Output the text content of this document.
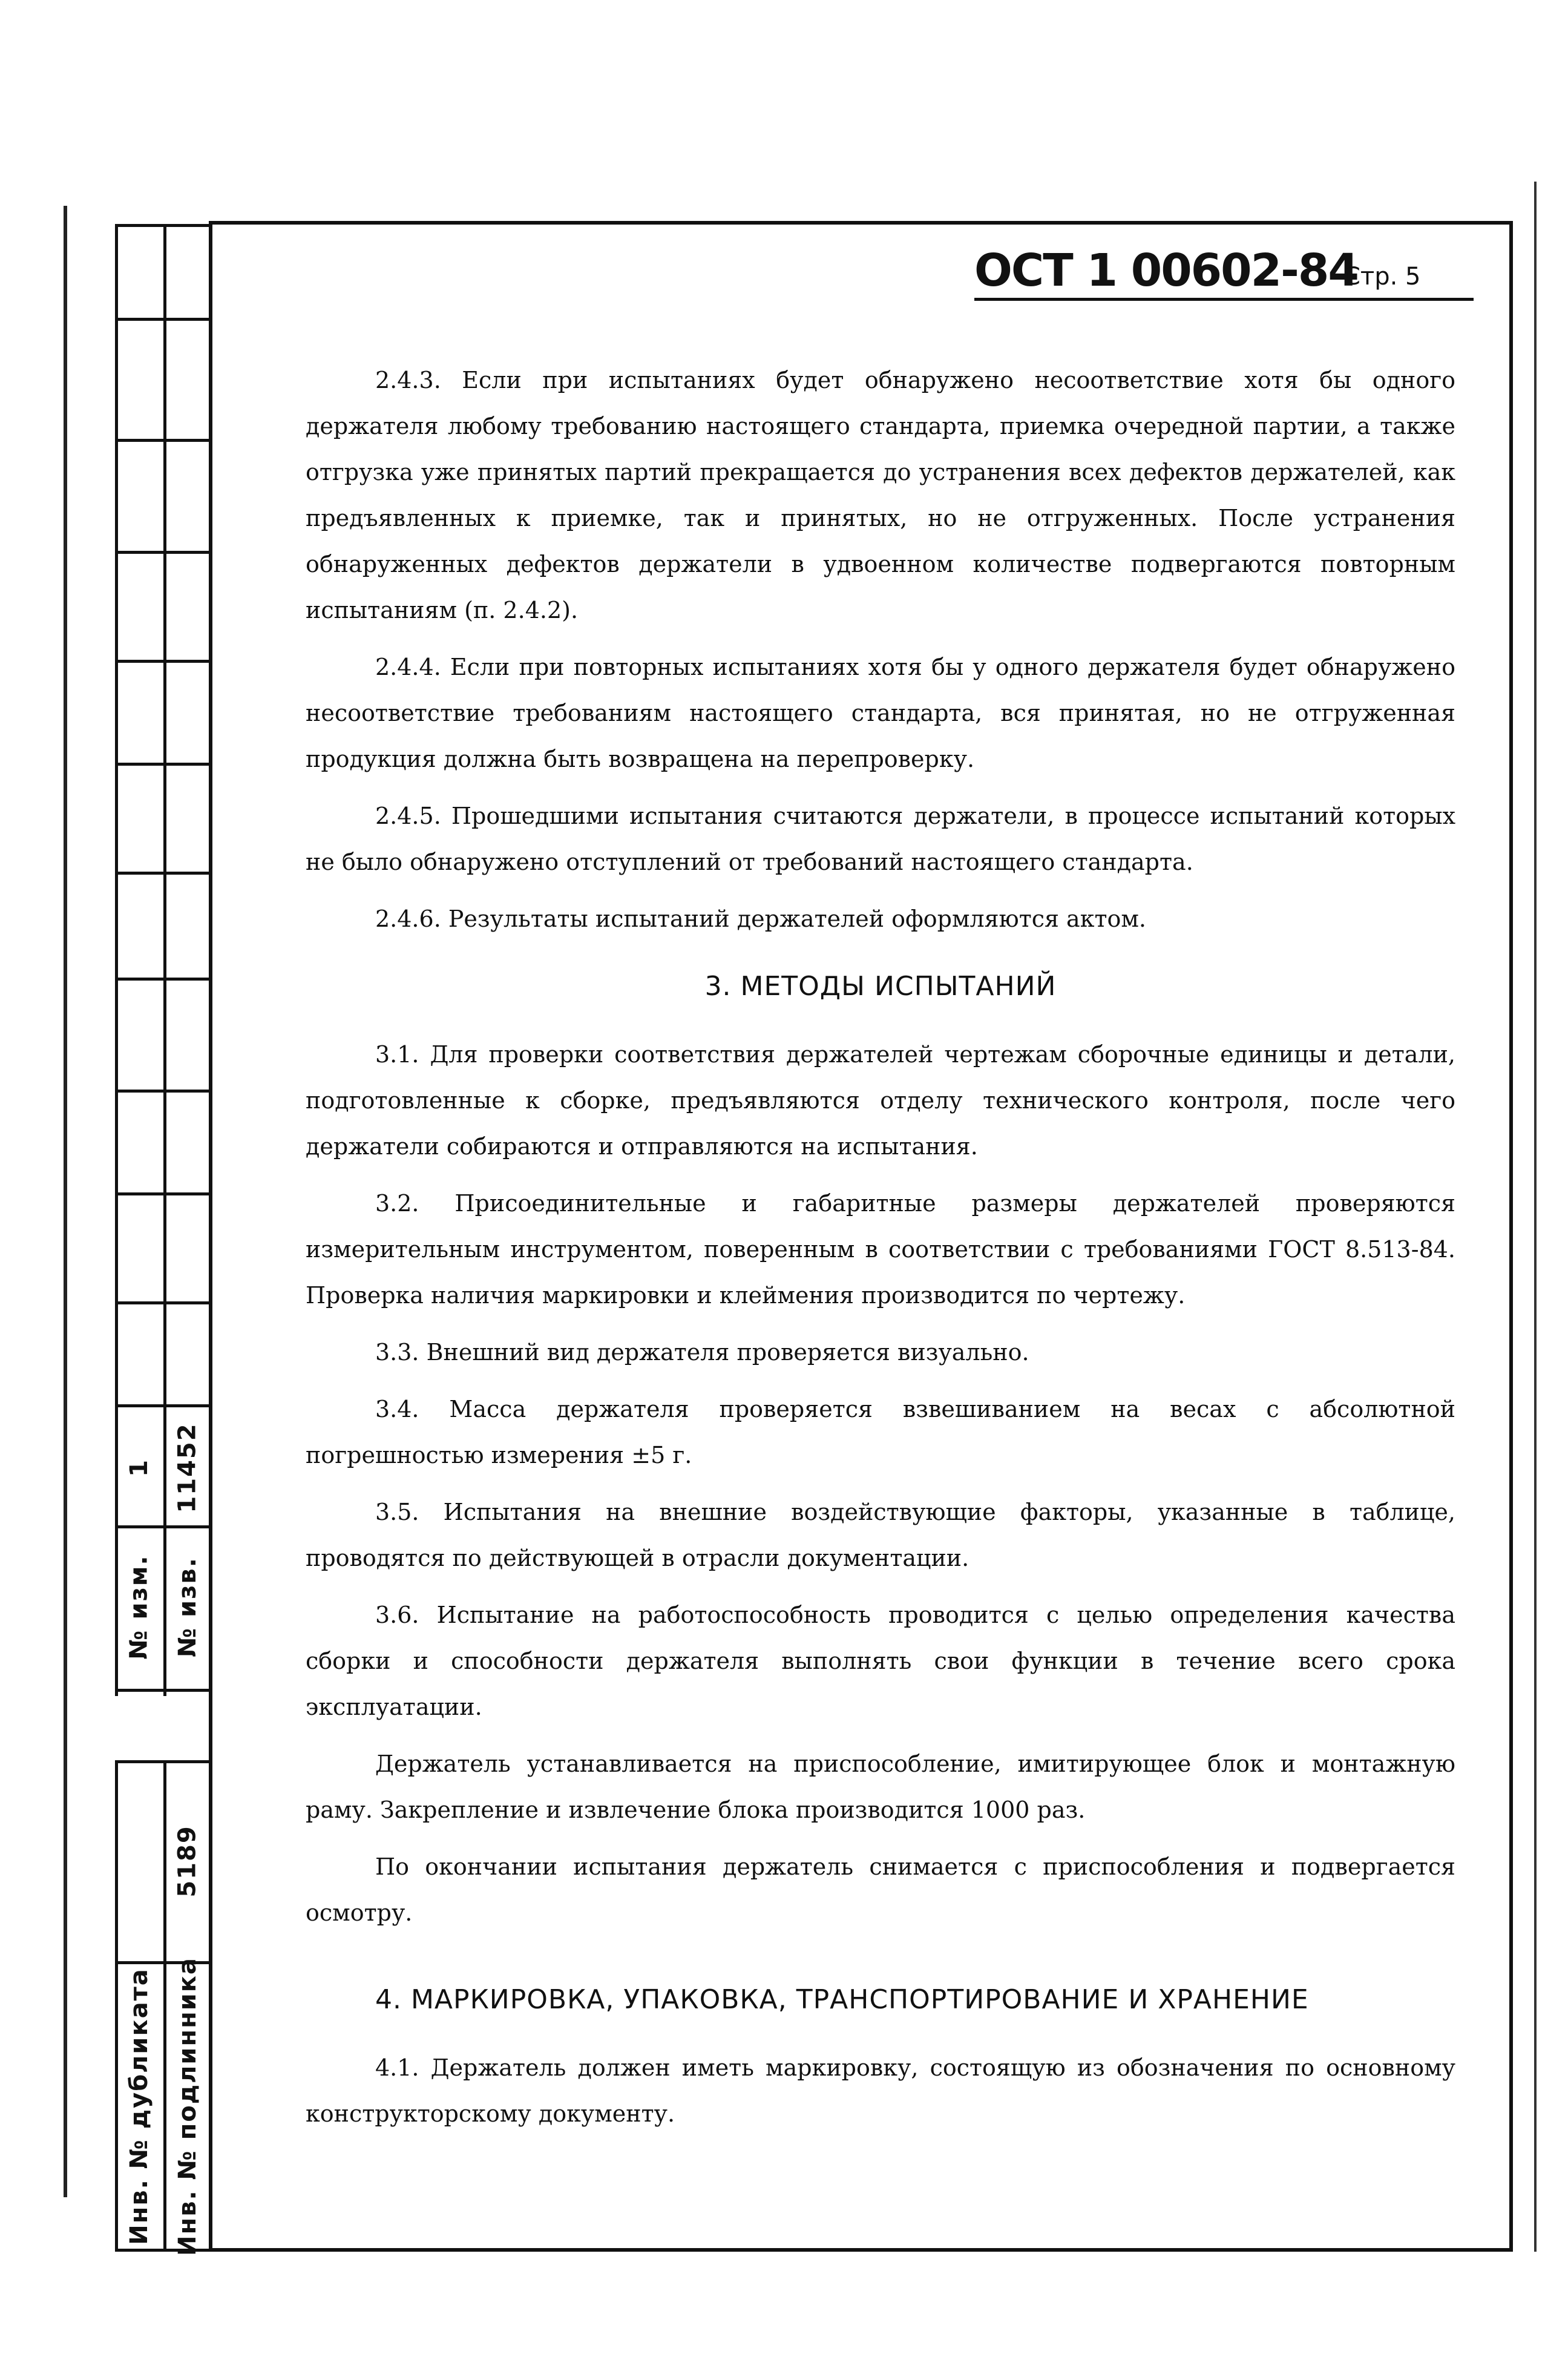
1
№ изм.
11452
№ изв.
5189
Инв. № дубликата Инв. № подлинника
ОСТ 1 00602-84
Стр. 5

2.4.3. Если при испытаниях будет обнаружено несоответствие хотя бы одного держателя любому требованию настоящего стандарта, приемка очередной партии, а также отгрузка уже принятых партий прекращается до устранения всех дефектов держателей, как предъявленных к приемке, так и принятых, но не отгруженных. После устранения обнаруженных дефектов держатели в удвоенном количестве подвергаются повторным испытаниям (п. 2.4.2).

2.4.4. Если при повторных испытаниях хотя бы у одного держателя будет обнаружено несоответствие требованиям настоящего стандарта, вся принятая, но не отгруженная продукция должна быть возвращена на перепроверку.

2.4.5. Прошедшими испытания считаются держатели, в процессе испытаний которых не было обнаружено отступлений от требований настоящего стандарта.

2.4.6. Результаты испытаний держателей оформляются актом.

3. МЕТОДЫ ИСПЫТАНИЙ

3.1. Для проверки соответствия держателей чертежам сборочные единицы и детали, подготовленные к сборке, предъявляются отделу технического контроля, после чего держатели собираются и отправляются на испытания.

3.2. Присоединительные и габаритные размеры держателей проверяются измерительным инструментом, поверенным в соответствии с требованиями ГОСТ 8.513-84. Проверка наличия маркировки и клеймения производится по чертежу.

3.3. Внешний вид держателя проверяется визуально.

3.4. Масса держателя проверяется взвешиванием на весах с абсолютной погрешностью измерения ±5 г.

3.5. Испытания на внешние воздействующие факторы, указанные в таблице, проводятся по действующей в отрасли документации.

3.6. Испытание на работоспособность проводится с целью определения качества сборки и способности держателя выполнять свои функции в течение всего срока эксплуатации.

Держатель устанавливается на приспособление, имитирующее блок и монтажную раму. Закрепление и извлечение блока производится 1000 раз.

По окончании испытания держатель снимается с приспособления и подвергается осмотру.

4. МАРКИРОВКА, УПАКОВКА, ТРАНСПОРТИРОВАНИЕ И ХРАНЕНИЕ

4.1. Держатель должен иметь маркировку, состоящую из обозначения по основному конструкторскому документу.
